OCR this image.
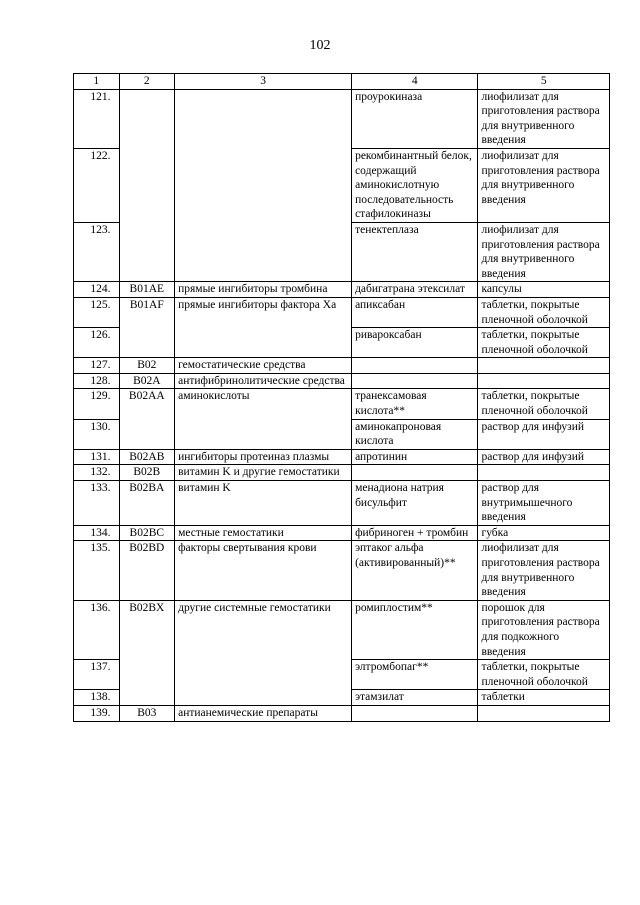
102
1	2	3	4	5
121.			проурокиназа	лиофилизат для приготовления раствора для внутривенного введения
122.			рекомбинантный белок, содержащий аминокислотную последовательность стафилокиназы	лиофилизат для приготовления раствора для внутривенного введения
123.			тенектеплаза	лиофилизат для приготовления раствора для внутривенного введения
124.	B01AE	прямые ингибиторы тромбина	дабигатрана этексилат	капсулы
125.	B01AF	прямые ингибиторы фактора Xa	апиксабан	таблетки, покрытые пленочной оболочкой
126.			ривароксабан	таблетки, покрытые пленочной оболочкой
127.	B02	гемостатические средства		
128.	B02A	антифибринолитические средства		
129.	B02AA	аминокислоты	транексамовая кислота**	таблетки, покрытые пленочной оболочкой
130.			аминокапроновая кислота	раствор для инфузий
131.	B02AB	ингибиторы протеиназ плазмы	апротинин	раствор для инфузий
132.	B02B	витамин K и другие гемостатики		
133.	B02BA	витамин K	менадиона натрия бисульфит	раствор для внутримышечного введения
134.	B02BC	местные гемостатики	фибриноген + тромбин	губка
135.	B02BD	факторы свертывания крови	эптаког альфа (активированный)**	лиофилизат для приготовления раствора для внутривенного введения
136.	B02BX	другие системные гемостатики	ромиплостим**	порошок для приготовления раствора для подкожного введения
137.			элтромбопаг**	таблетки, покрытые пленочной оболочкой
138.			этамзилат	таблетки
139.	B03	антианемические препараты		
